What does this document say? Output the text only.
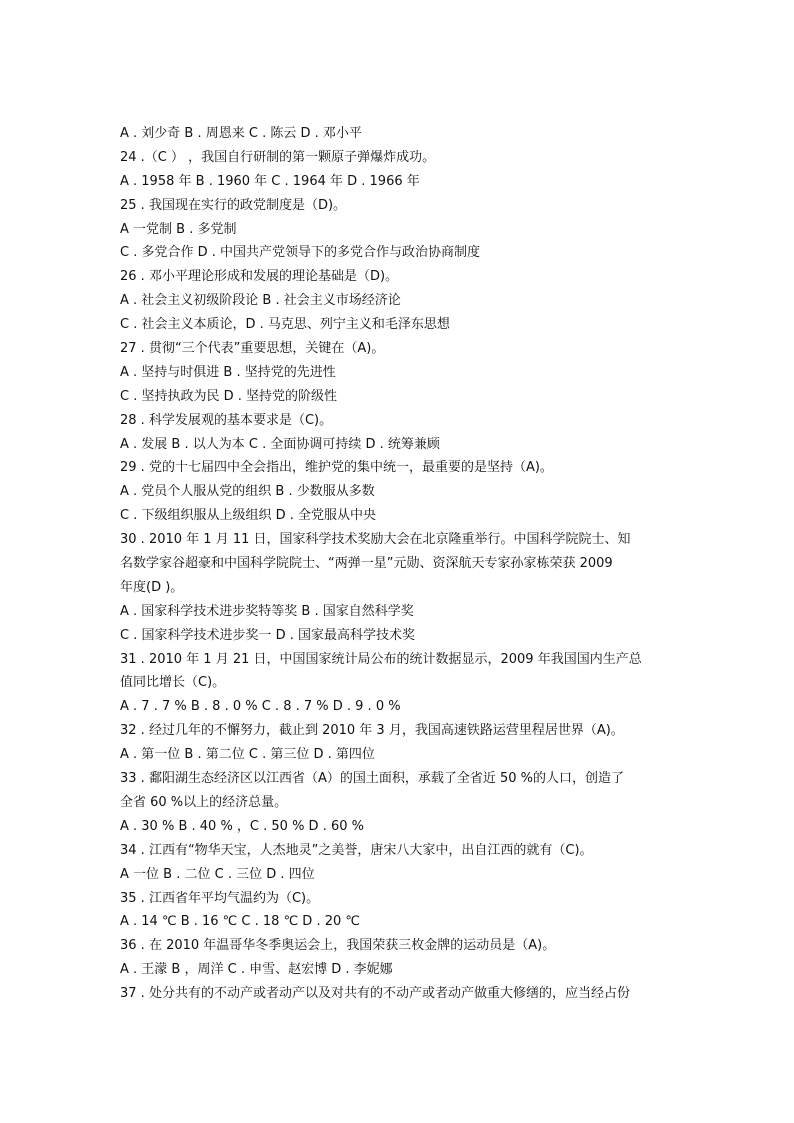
A . 刘少奇 B . 周恩来 C . 陈云 D . 邓小平
24 .（C ） ，我国自行研制的第一颗原子弹爆炸成功。
A . 1958 年 B . 1960 年 C . 1964 年 D . 1966 年
25 . 我国现在实行的政党制度是（D)。
A 一党制 B . 多党制
C . 多党合作 D . 中国共产党领导下的多党合作与政治协商制度
26 . 邓小平理论形成和发展的理论基础是（D)。
A . 社会主义初级阶段论 B . 社会主义市场经济论
C . 社会主义本质论，D . 马克思、列宁主义和毛泽东思想
27 . 贯彻“三个代表”重要思想，关键在（A)。
A . 坚持与时俱进 B . 坚持党的先进性
C . 坚持执政为民 D . 坚持党的阶级性
28 . 科学发展观的基本要求是（C)。
A . 发展 B . 以人为本 C . 全面协调可持续 D . 统筹兼顾
29 . 党的十七届四中全会指出，维护党的集中统一，最重要的是坚持（A)。
A . 党员个人服从党的组织 B . 少数服从多数
C . 下级组织服从上级组织 D . 全党服从中央
30 . 2010 年 1 月 11 日，国家科学技术奖励大会在北京隆重举行。中国科学院院士、知
名数学家谷超豪和中国科学院院士、“两弹一星”元勋、资深航天专家孙家栋荣获 2009
年度(D )。
A . 国家科学技术进步奖特等奖 B . 国家自然科学奖
C . 国家科学技术进步奖一 D . 国家最高科学技术奖
31 . 2010 年 1 月 21 日，中国国家统计局公布的统计数据显示，2009 年我国国内生产总
值同比增长（C)。
A . 7 . 7 % B . 8 . 0 % C . 8 . 7 % D . 9 . 0 %
32 . 经过几年的不懈努力，截止到 2010 年 3 月，我国高速铁路运营里程居世界（A)。
A . 第一位 B . 第二位 C . 第三位 D . 第四位
33 . 鄱阳湖生态经济区以江西省（A）的国土面积，承载了全省近 50 %的人口，创造了
全省 60 %以上的经济总量。
A . 30 % B . 40 % ，C . 50 % D . 60 %
34 . 江西有“物华天宝，人杰地灵”之美誉，唐宋八大家中，出自江西的就有（C)。
A 一位 B . 二位 C . 三位 D . 四位
35 . 江西省年平均气温约为（C)。
A . 14 ℃ B . 16 ℃ C . 18 ℃ D . 20 ℃
36 . 在 2010 年温哥华冬季奥运会上，我国荣获三枚金牌的运动员是（A)。
A . 王濛 B ，周洋 C . 申雪、赵宏博 D . 李妮娜
37 . 处分共有的不动产或者动产以及对共有的不动产或者动产做重大修缮的，应当经占份
